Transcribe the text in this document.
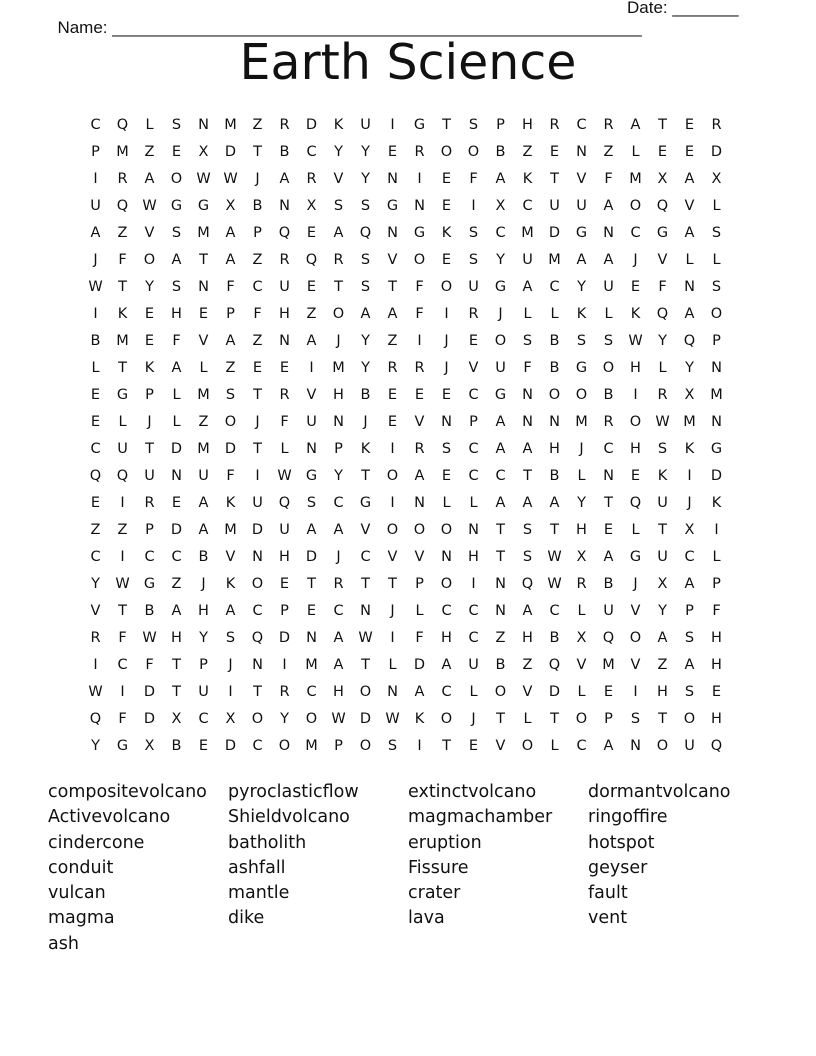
Name: ________________________________________________________

Date: _______

Earth Science
C	Q	L	S	N	M	Z	R	D	K	U	I	G	T	S	P	H	R	C	R	A	T	E	R
P	M	Z	E	X	D	T	B	C	Y	Y	E	R	O	O	B	Z	E	N	Z	L	E	E	D
I	R	A	O W W	J	A	R	V	Y	N	I	E	F	A	K	T	V	F	M	X	A	X
U	Q W G	G	X	B	N	X	S	S	G	N	E	I	X	C	U	U	A	O	Q	V	L
A	Z	V	S	M	A	P	Q	E	A	Q	N	G	K	S	C	M	D	G	N	C	G	A	S
J	F	O	A	T	A	Z	R	Q	R	S	V	O	E	S	Y	U	M	A	A	J	V	L	L
W	T	Y	S	N	F	C	U	E	T	S	T	F	O	U	G	A	C	Y	U	E	F	N	S
I	K	E	H	E	P	F	H	Z	O	A	A	F	I	R	J	L	L	K	L	K	Q	A	O
B	M	E	F	V	A	Z	N	A	J	Y	Z	I	J	E	O	S	B	S	S	W	Y	Q	P
L	T	K	A	L	Z	E	E	I	M	Y	R	R	J	V	U	F	B	G	O	H	L	Y	N
E	G	P	L	M	S	T	R	V	H	B	E	E	E	C	G	N	O	O	B	I	R	X	M
E	L	J	L	Z	O	J	F	U	N	J	E	V	N	P	A	N	N	M	R	O W M	N
C	U	T	D	M	D	T	L	N	P	K	I	R	S	C	A	A	H	J	C	H	S	K	G
Q	Q	U	N	U	F	I	W G	Y	T	O	A	E	C	C	T	B	L	N	E	K	I	D
E	I	R	E	A	K	U	Q	S	C	G	I	N	L	L	A	A	A	Y	T	Q	U	J	K
Z	Z	P	D	A	M	D	U	A	A	V	O	O	O	N	T	S	T	H	E	L	T	X	I
C	I	C	C	B	V	N	H	D	J	C	V	V	N	H	T	S	W	X	A	G	U	C	L
Y	W G	Z	J	K	O	E	T	R	T	T	P	O	I	N	Q W	R	B	J	X	A	P
V	T	B	A	H	A	C	P	E	C	N	J	L	C	C	N	A	C	L	U	V	Y	P	F
R	F	W H	Y	S	Q	D	N	A	W	I	F	H	C	Z	H	B	X	Q	O	A	S	H
I	C	F	T	P	J	N	I	M	A	T	L	D	A	U	B	Z	Q	V	M	V	Z	A	H
W	I	D	T	U	I	T	R	C	H	O	N	A	C	L	O	V	D	L	E	I	H	S	E
Q	F	D	X	C	X	O	Y	O W D W	K	O	J	T	L	T	O	P	S	T	O	H
Y	G	X	B	E	D	C	O	M	P	O	S	I	T	E	V	O	L	C	A	N	O	U	Q
compositevolcano	pyroclasticflow	extinctvolcano	dormantvolcano
Activevolcano	Shieldvolcano	magmachamber	ringoffire
cindercone	batholith	eruption	hotspot
conduit	ashfall	Fissure	geyser
vulcan	mantle	crater	fault
magma	dike	lava	vent
ash
